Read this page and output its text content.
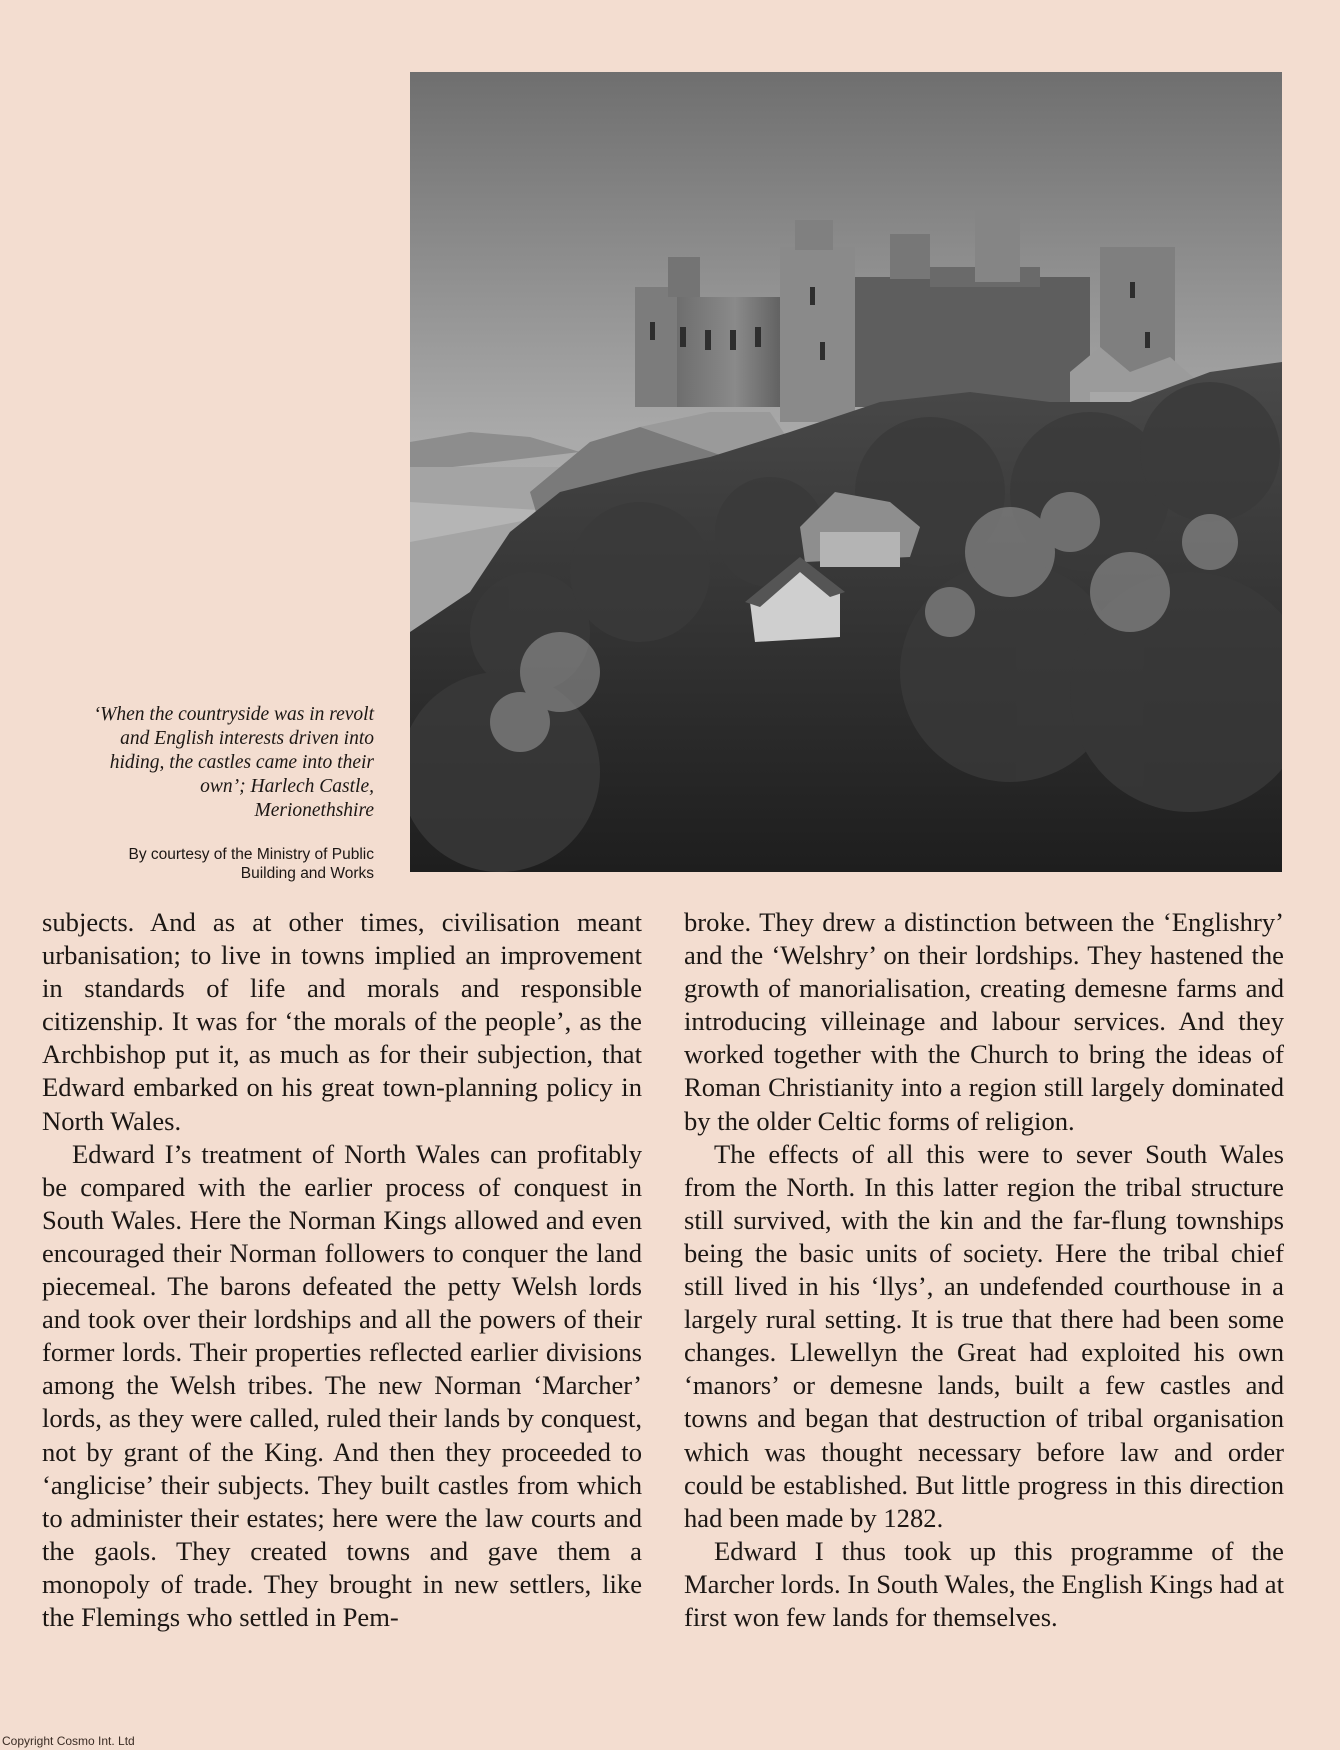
‘When the countryside was in revolt
and English interests driven into
hiding, the castles came into their
own’; Harlech Castle,
Merionethshire
By courtesy of the Ministry of Public
Building and Works

subjects. And as at other times, civilisation meant urbanisation; to live in towns implied an improvement in standards of life and morals and responsible citizenship. It was for ‘the morals of the people’, as the Archbishop put it, as much as for their subjection, that Edward embarked on his great town-planning policy in North Wales.

Edward I’s treatment of North Wales can profitably be compared with the earlier process of conquest in South Wales. Here the Norman Kings allowed and even encouraged their Norman followers to conquer the land piecemeal. The barons defeated the petty Welsh lords and took over their lordships and all the powers of their former lords. Their properties reflected earlier divisions among the Welsh tribes. The new Norman ‘Marcher’ lords, as they were called, ruled their lands by conquest, not by grant of the King. And then they proceeded to ‘anglicise’ their subjects. They built castles from which to administer their estates; here were the law courts and the gaols. They created towns and gave them a monopoly of trade. They brought in new settlers, like the Flemings who settled in Pem-

broke. They drew a distinction between the ‘Englishry’ and the ‘Welshry’ on their lordships. They hastened the growth of manorialisation, creating demesne farms and introducing villeinage and labour services. And they worked together with the Church to bring the ideas of Roman Christianity into a region still largely dominated by the older Celtic forms of religion.

The effects of all this were to sever South Wales from the North. In this latter region the tribal structure still survived, with the kin and the far-flung townships being the basic units of society. Here the tribal chief still lived in his ‘llys’, an undefended courthouse in a largely rural setting. It is true that there had been some changes. Llewellyn the Great had exploited his own ‘manors’ or demesne lands, built a few castles and towns and began that destruction of tribal organisation which was thought necessary before law and order could be established. But little progress in this direction had been made by 1282.

Edward I thus took up this programme of the Marcher lords. In South Wales, the English Kings had at first won few lands for themselves.

Copyright Cosmo Int. Ltd
